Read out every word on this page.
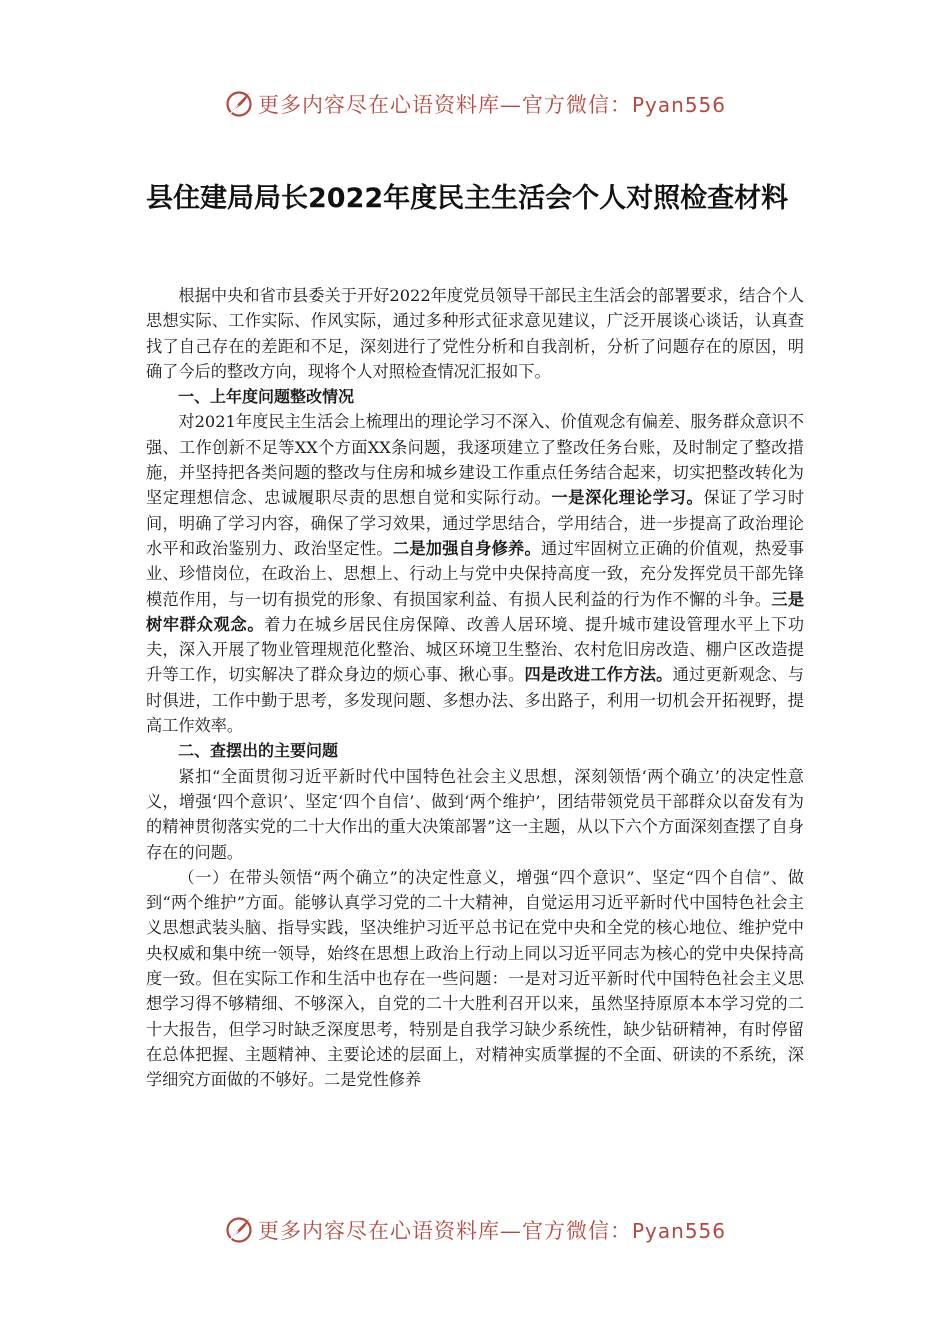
更多内容尽在心语资料库—官方微信：Pyan556
县住建局局长2022年度民主生活会个人对照检查材料

根据中央和省市县委关于开好2022年度党员领导干部民主生活会的部署要求，结合个人思想实际、工作实际、作风实际，通过多种形式征求意见建议，广泛开展谈心谈话，认真查找了自己存在的差距和不足，深刻进行了党性分析和自我剖析，分析了问题存在的原因，明确了今后的整改方向，现将个人对照检查情况汇报如下。

一、上年度问题整改情况

对2021年度民主生活会上梳理出的理论学习不深入、价值观念有偏差、服务群众意识不强、工作创新不足等XX个方面XX条问题，我逐项建立了整改任务台账，及时制定了整改措施，并坚持把各类问题的整改与住房和城乡建设工作重点任务结合起来，切实把整改转化为坚定理想信念、忠诚履职尽责的思想自觉和实际行动。一是深化理论学习。保证了学习时间，明确了学习内容，确保了学习效果，通过学思结合，学用结合，进一步提高了政治理论水平和政治鉴别力、政治坚定性。二是加强自身修养。通过牢固树立正确的价值观，热爱事业、珍惜岗位，在政治上、思想上、行动上与党中央保持高度一致，充分发挥党员干部先锋模范作用，与一切有损党的形象、有损国家利益、有损人民利益的行为作不懈的斗争。三是树牢群众观念。着力在城乡居民住房保障、改善人居环境、提升城市建设管理水平上下功夫，深入开展了物业管理规范化整治、城区环境卫生整治、农村危旧房改造、棚户区改造提升等工作，切实解决了群众身边的烦心事、揪心事。四是改进工作方法。通过更新观念、与时俱进，工作中勤于思考，多发现问题、多想办法、多出路子，利用一切机会开拓视野，提高工作效率。

二、查摆出的主要问题

紧扣“全面贯彻习近平新时代中国特色社会主义思想，深刻领悟‘两个确立’的决定性意义，增强‘四个意识’、坚定‘四个自信’、做到‘两个维护’，团结带领党员干部群众以奋发有为的精神贯彻落实党的二十大作出的重大决策部署”这一主题，从以下六个方面深刻查摆了自身存在的问题。

（一）在带头领悟“两个确立”的决定性意义，增强“四个意识”、坚定“四个自信”、做到“两个维护”方面。能够认真学习党的二十大精神，自觉运用习近平新时代中国特色社会主义思想武装头脑、指导实践，坚决维护习近平总书记在党中央和全党的核心地位、维护党中央权威和集中统一领导，始终在思想上政治上行动上同以习近平同志为核心的党中央保持高度一致。但在实际工作和生活中也存在一些问题：一是对习近平新时代中国特色社会主义思想学习得不够精细、不够深入，自党的二十大胜利召开以来，虽然坚持原原本本学习党的二十大报告，但学习时缺乏深度思考，特别是自我学习缺少系统性，缺少钻研精神，有时停留在总体把握、主题精神、主要论述的层面上，对精神实质掌握的不全面、研读的不系统，深学细究方面做的不够好。二是党性修养

更多内容尽在心语资料库—官方微信：Pyan556
